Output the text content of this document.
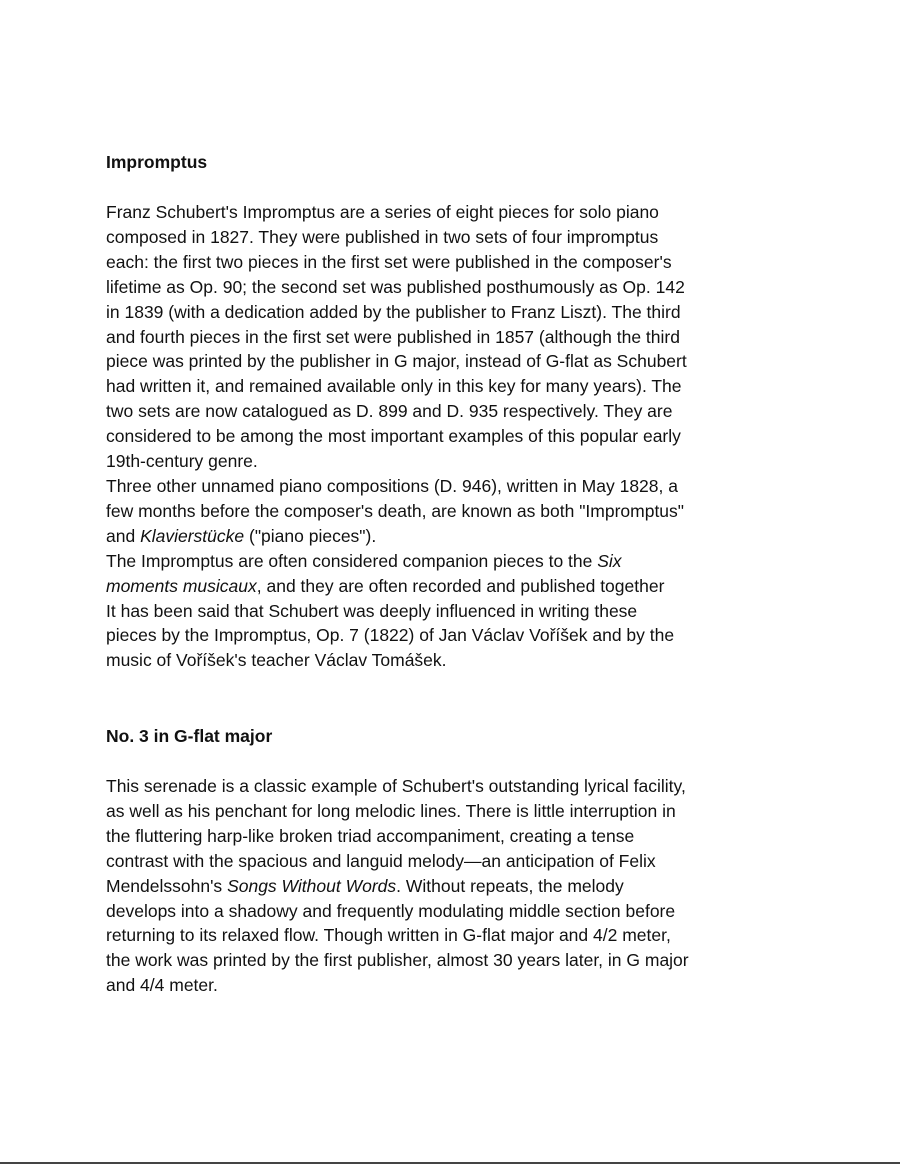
Impromptus
Franz Schubert's Impromptus are a series of eight pieces for solo piano
composed in 1827. They were published in two sets of four impromptus
each: the first two pieces in the first set were published in the composer's
lifetime as Op. 90; the second set was published posthumously as Op. 142
in 1839 (with a dedication added by the publisher to Franz Liszt). The third
and fourth pieces in the first set were published in 1857 (although the third
piece was printed by the publisher in G major, instead of G-flat as Schubert
had written it, and remained available only in this key for many years). The
two sets are now catalogued as D. 899 and D. 935 respectively. They are
considered to be among the most important examples of this popular early
19th-century genre.
Three other unnamed piano compositions (D. 946), written in May 1828, a
few months before the composer's death, are known as both "Impromptus"
and Klavierstücke ("piano pieces").
The Impromptus are often considered companion pieces to the Six
moments musicaux, and they are often recorded and published together
It has been said that Schubert was deeply influenced in writing these
pieces by the Impromptus, Op. 7 (1822) of Jan Václav Voříšek and by the
music of Voříšek's teacher Václav Tomášek.
No. 3 in G-flat major
This serenade is a classic example of Schubert's outstanding lyrical facility,
as well as his penchant for long melodic lines. There is little interruption in
the fluttering harp-like broken triad accompaniment, creating a tense
contrast with the spacious and languid melody—an anticipation of Felix
Mendelssohn's Songs Without Words. Without repeats, the melody
develops into a shadowy and frequently modulating middle section before
returning to its relaxed flow. Though written in G-flat major and 4/2 meter,
the work was printed by the first publisher, almost 30 years later, in G major
and 4/4 meter.
